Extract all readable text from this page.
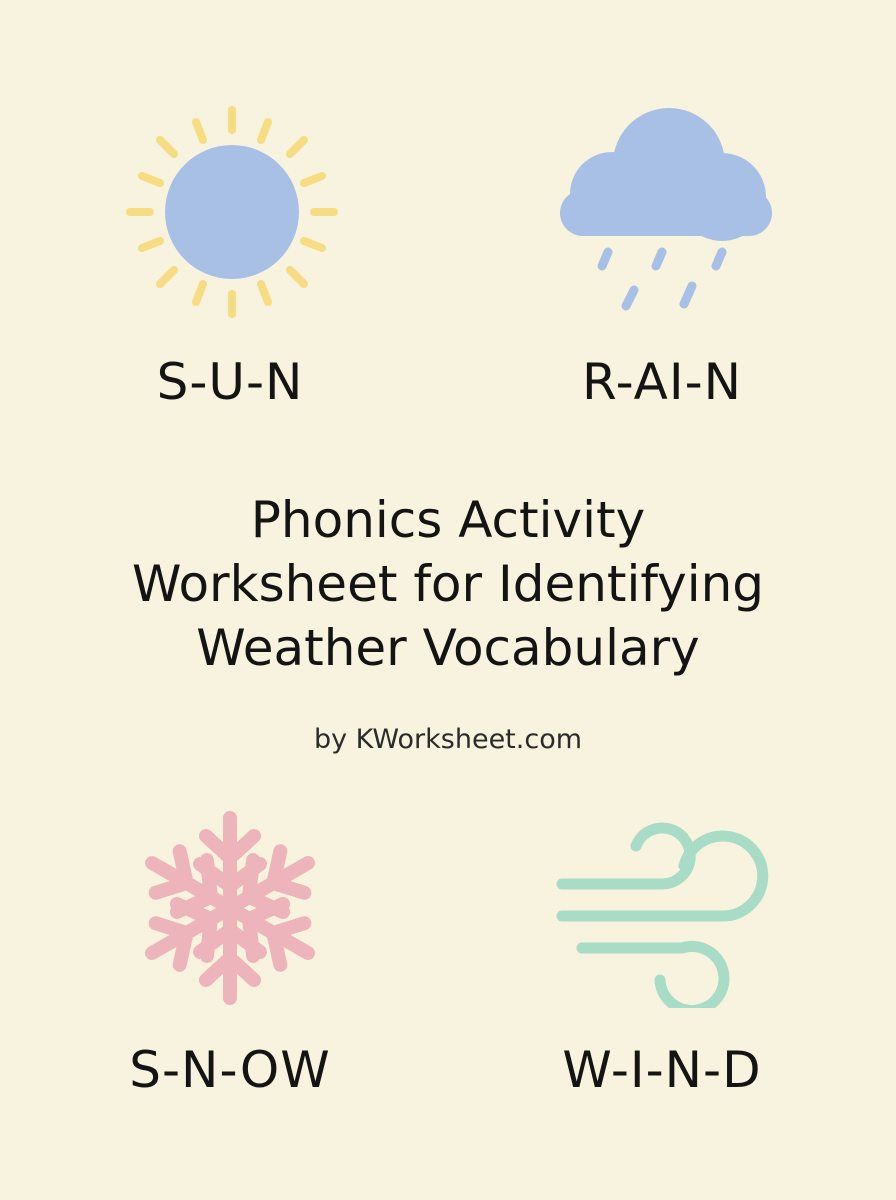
S-U-N	R-AI-N
Phonics Activity
Worksheet for Identifying
Weather Vocabulary
by KWorksheet.com
S-N-OW	W-I-N-D
